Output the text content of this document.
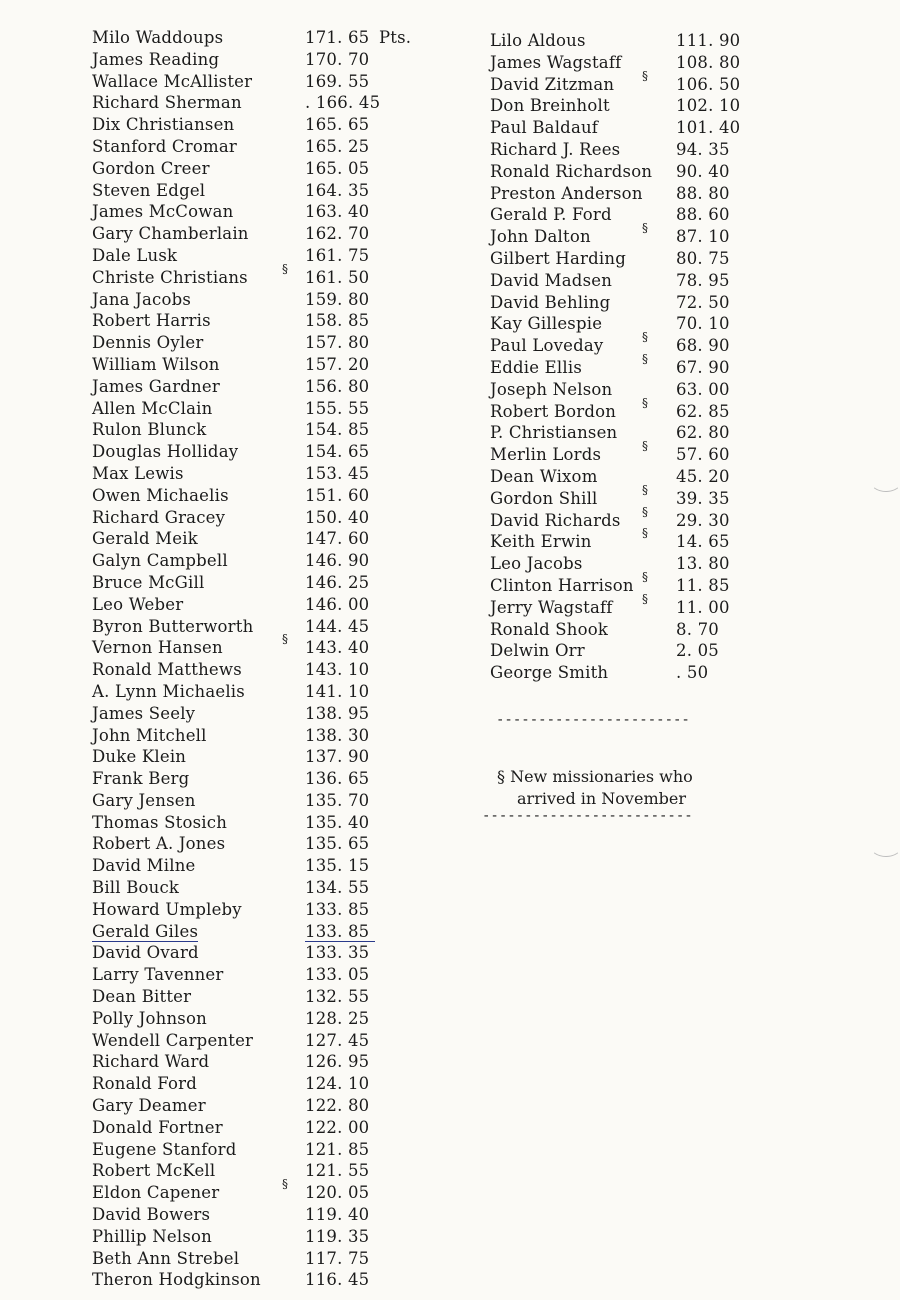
Milo Waddoups	171. 65 Pts.
James Reading	170. 70
Wallace McAllister	169. 55
Richard Sherman	. 166. 45
Dix Christiansen	165. 65
Stanford Cromar	165. 25
Gordon Creer	165. 05
Steven Edgel	164. 35
James McCowan	163. 40
Gary Chamberlain	162. 70
Dale Lusk	161. 75
Christe Christians	§ 161. 50
Jana Jacobs	159. 80
Robert Harris	158. 85
Dennis Oyler	157. 80
William Wilson	157. 20
James Gardner	156. 80
Allen McClain	155. 55
Rulon Blunck	154. 85
Douglas Holliday	154. 65
Max Lewis	153. 45
Owen Michaelis	151. 60
Richard Gracey	150. 40
Gerald Meik	147. 60
Galyn Campbell	146. 90
Bruce McGill	146. 25
Leo Weber	146. 00
Byron Butterworth	144. 45
Vernon Hansen	§ 143. 40
Ronald Matthews	143. 10
A. Lynn Michaelis	141. 10
James Seely	138. 95
John Mitchell	138. 30
Duke Klein	137. 90
Frank Berg	136. 65
Gary Jensen	135. 70
Thomas Stosich	135. 40
Robert A. Jones	135. 65
David Milne	135. 15
Bill Bouck	134. 55
Howard Umpleby	133. 85
Gerald Giles	133. 85
David Ovard	133. 35
Larry Tavenner	133. 05
Dean Bitter	132. 55
Polly Johnson	128. 25
Wendell Carpenter	127. 45
Richard Ward	126. 95
Ronald Ford	124. 10
Gary Deamer	122. 80
Donald Fortner	122. 00
Eugene Stanford	121. 85
Robert McKell	121. 55
Eldon Capener	§ 120. 05
David Bowers	119. 40
Phillip Nelson	119. 35
Beth Ann Strebel	117. 75
Theron Hodgkinson	116. 45
Lilo Aldous	111. 90
James Wagstaff	108. 80
David Zitzman § 106. 50
Don Breinholt	102. 10
Paul Baldauf	101. 40
Richard J. Rees	94. 35
Ronald Richardson	90. 40
Preston Anderson	88. 80
Gerald P. Ford	88. 60
John Dalton	§ 87. 10
Gilbert Harding	80. 75
David Madsen	78. 95
David Behling	72. 50
Kay Gillespie	70. 10
Paul Loveday	§ 68. 90
Eddie Ellis	§ 67. 90
Joseph Nelson	63. 00
Robert Bordon § 62. 85
P. Christiansen	62. 80
Merlin Lords	§ 57. 60
Dean Wixom	45. 20
Gordon Shill	§ 39. 35
David Richards § 29. 30
Keith Erwin	§ 14. 65
Leo Jacobs	13. 80
Clinton Harrison § 11. 85
Jerry Wagstaff § 11. 00
Ronald Shook	8. 70
Delwin Orr	2. 05
George Smith	. 50
-----------------------
§ New missionaries who
arrived in November
-------------------------
